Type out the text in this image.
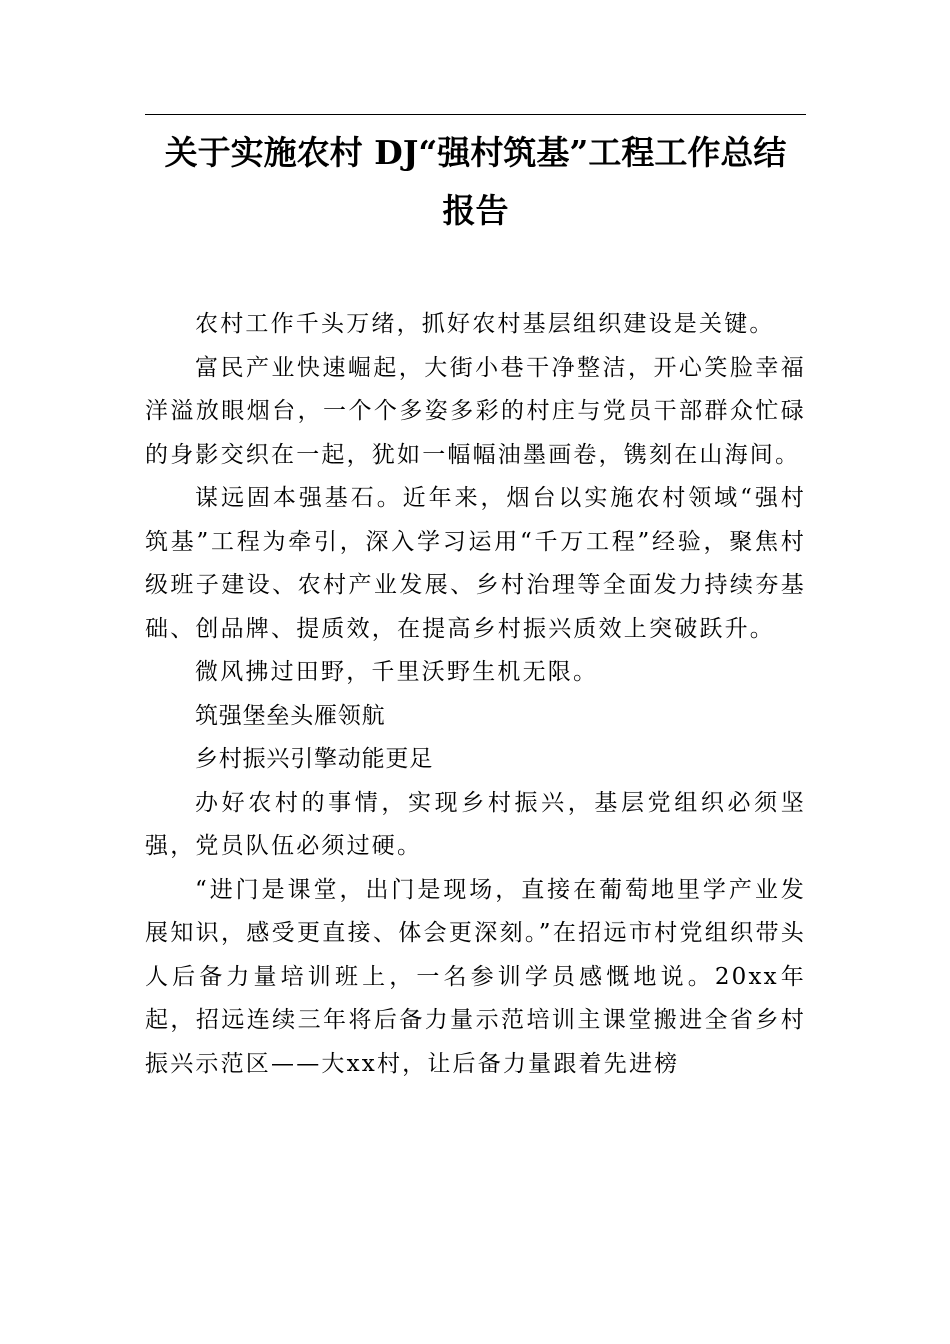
关于实施农村 DJ“强村筑基”工程工作总结
报告

农村工作千头万绪，抓好农村基层组织建设是关键。

富民产业快速崛起，大街小巷干净整洁，开心笑脸幸福洋溢放眼烟台，一个个多姿多彩的村庄与党员干部群众忙碌的身影交织在一起，犹如一幅幅油墨画卷，镌刻在山海间。

谋远固本强基石。近年来，烟台以实施农村领域“强村筑基”工程为牵引，深入学习运用“千万工程”经验，聚焦村级班子建设、农村产业发展、乡村治理等全面发力持续夯基础、创品牌、提质效，在提高乡村振兴质效上突破跃升。

微风拂过田野，千里沃野生机无限。

筑强堡垒头雁领航

乡村振兴引擎动能更足

办好农村的事情，实现乡村振兴，基层党组织必须坚强，党员队伍必须过硬。

“进门是课堂，出门是现场，直接在葡萄地里学产业发展知识，感受更直接、体会更深刻。”在招远市村党组织带头人后备力量培训班上，一名参训学员感慨地说。20xx年起，招远连续三年将后备力量示范培训主课堂搬进全省乡村振兴示范区——大xx村，让后备力量跟着先进榜
